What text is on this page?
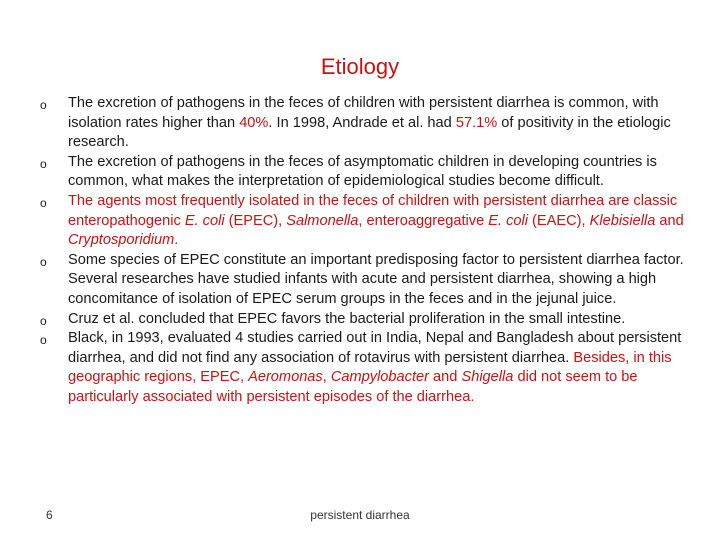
Etiology
o The excretion of pathogens in the feces of children with persistent diarrhea is common, with isolation rates higher than 40%. In 1998, Andrade et al. had 57.1% of positivity in the etiologic research.
o The excretion of pathogens in the feces of asymptomatic children in developing countries is common, what makes the interpretation of epidemiological studies become difficult.
o The agents most frequently isolated in the feces of children with persistent diarrhea are classic enteropathogenic E. coli (EPEC), Salmonella, enteroaggregative E. coli (EAEC), Klebisiella and Cryptosporidium.
o Some species of EPEC constitute an important predisposing factor to persistent diarrhea factor. Several researches have studied infants with acute and persistent diarrhea, showing a high concomitance of isolation of EPEC serum groups in the feces and in the jejunal juice.
o Cruz et al. concluded that EPEC favors the bacterial proliferation in the small intestine.
o Black, in 1993, evaluated 4 studies carried out in India, Nepal and Bangladesh about persistent diarrhea, and did not find any association of rotavirus with persistent diarrhea. Besides, in this geographic regions, EPEC, Aeromonas, Campylobacter and Shigella did not seem to be particularly associated with persistent episodes of the diarrhea.
6	persistent diarrhea
